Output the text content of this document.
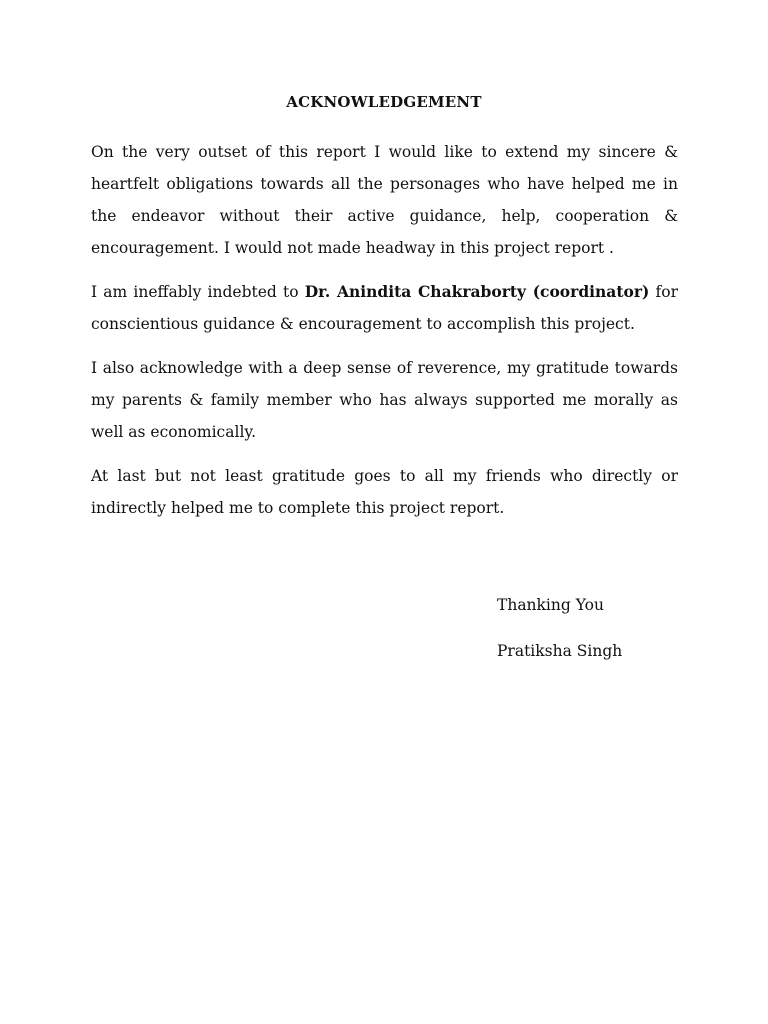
ACKNOWLEDGEMENT

On the very outset of this report I would like to extend my sincere & heartfelt obligations towards all the personages who have helped me in the endeavor without their active guidance, help, cooperation & encouragement. I would not made headway in this project report .

I am ineffably indebted to Dr. Anindita Chakraborty (coordinator) for conscientious guidance & encouragement to accomplish this project.

I also acknowledge with a deep sense of reverence, my gratitude towards my parents & family member who has always supported me morally as well as economically.

At last but not least gratitude goes to all my friends who directly or indirectly helped me to complete this project report.

Thanking You
Pratiksha Singh
